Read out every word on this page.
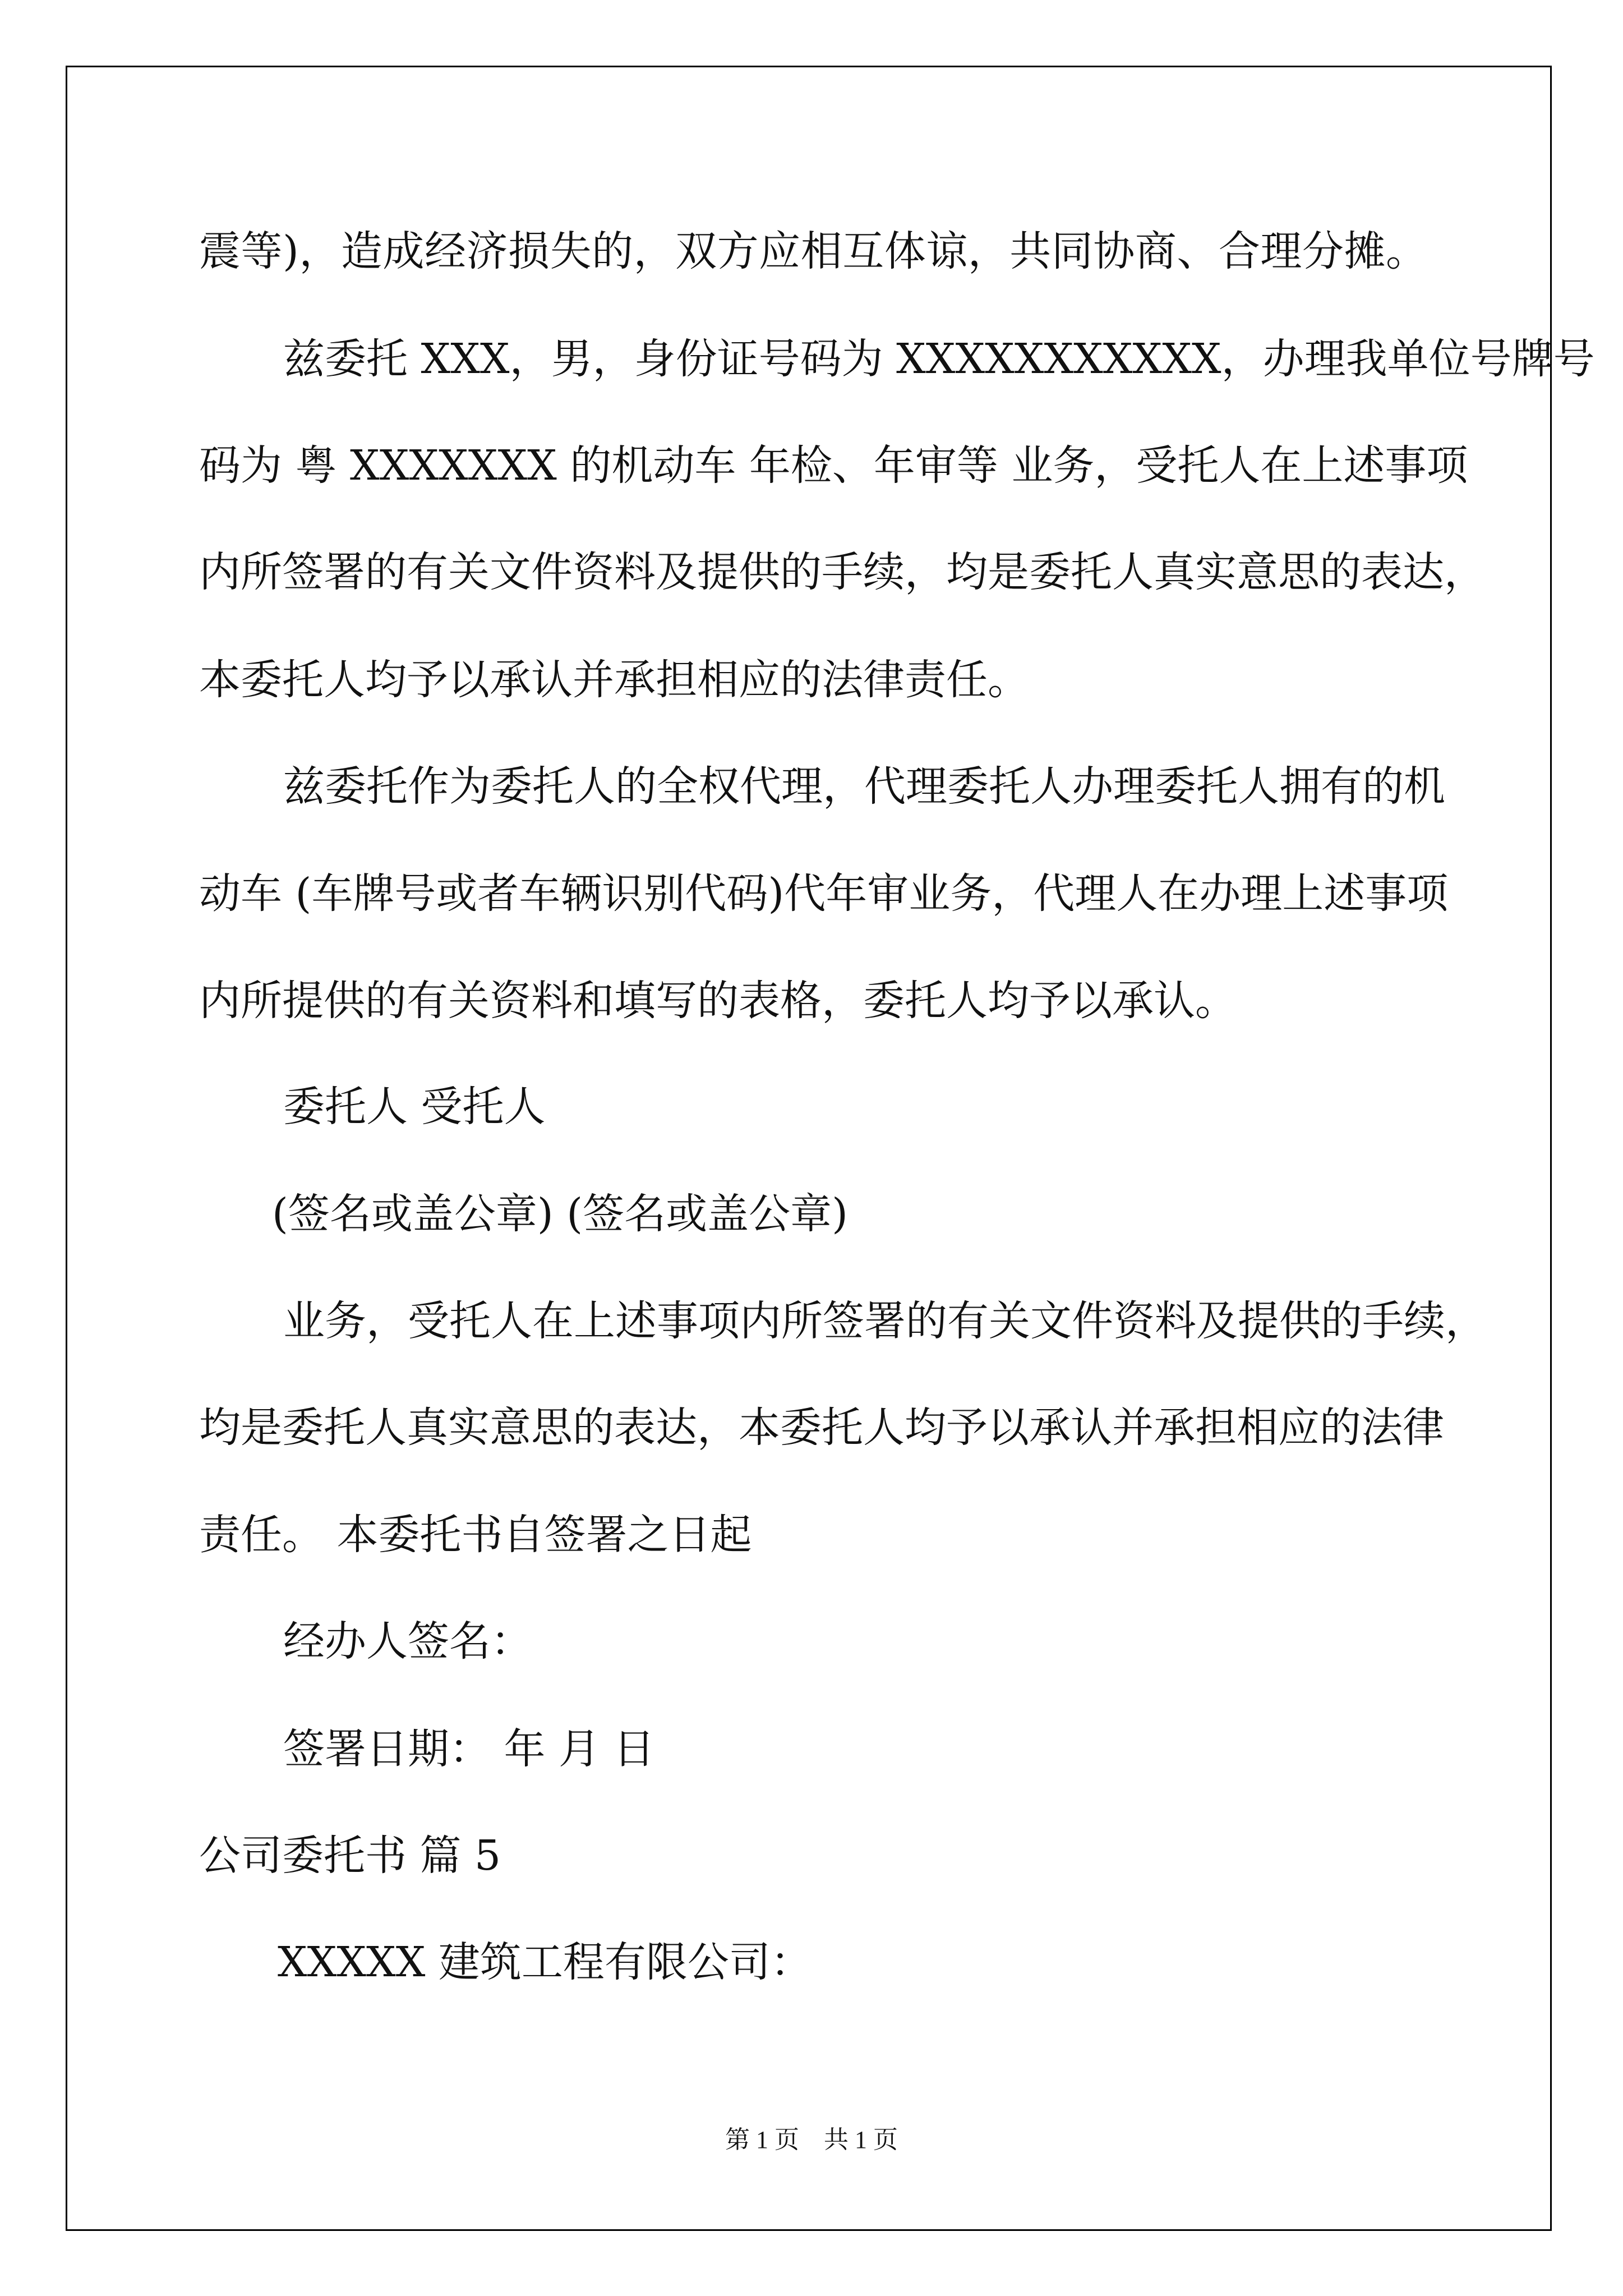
震等)，造成经济损失的，双方应相互体谅，共同协商、合理分摊。
兹委托 XXX，男，身份证号码为 XXXXXXXXXXX，办理我单位号牌号
码为 粤 XXXXXXX 的机动车 年检、年审等 业务，受托人在上述事项
内所签署的有关文件资料及提供的手续，均是委托人真实意思的表达，
本委托人均予以承认并承担相应的法律责任。
兹委托作为委托人的全权代理，代理委托人办理委托人拥有的机
动车 (车牌号或者车辆识别代码)代年审业务，代理人在办理上述事项
内所提供的有关资料和填写的表格，委托人均予以承认。
委托人 受托人
(签名或盖公章) (签名或盖公章)
业务，受托人在上述事项内所签署的有关文件资料及提供的手续，
均是委托人真实意思的表达，本委托人均予以承认并承担相应的法律
责任。 本委托书自签署之日起
经办人签名：
签署日期： 年 月 日
公司委托书 篇 5
XXXXX 建筑工程有限公司：
第 1 页　共 1 页
